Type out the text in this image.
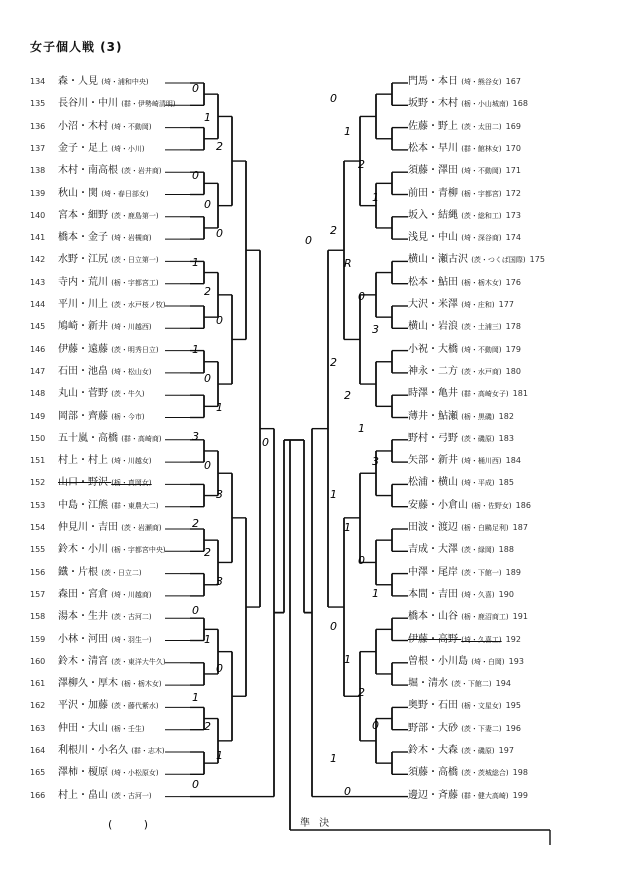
女子個人戦 (3)
134 森・人見 (埼・浦和中央)
135 長谷川・中川 (群・伊勢崎清明)
136 小沼・木村 (埼・不動岡)
137 金子・足上 (埼・小川)
138 木村・南高根 (茨・岩井商)
139 秋山・関 (埼・春日部女)
140 宮本・細野 (茨・鹿島第一)
141 橋本・金子 (埼・岩槻商)
142 水野・江尻 (茨・日立第一)
143 寺内・荒川 (栃・宇都宮工)
144 平川・川上 (茨・水戸桜ノ牧)
145 鳩崎・新井 (埼・川越西)
146 伊藤・遠藤 (茨・明秀日立)
147 石田・池畠 (埼・松山女)
148 丸山・菅野 (茨・牛久)
149 岡部・齊藤 (栃・今市)
150 五十嵐・高橋 (群・高崎商)
151 村上・村上 (埼・川越女)
152 山口・野沢 (栃・真岡女)
153 中島・江熊 (群・東農大二)
154 仲見川・吉田 (茨・岩瀬商)
155 鈴木・小川 (栃・宇都宮中央)
156 鐡・片根 (茨・日立二)
157 森田・宮倉 (埼・川越商)
158 湯本・生井 (茨・古河二)
159 小林・河田 (埼・羽生一)
160 鈴木・清宮 (茨・東洋大牛久)
161 澤柳久・厚木 (栃・栃木女)
162 平沢・加藤 (茨・藤代紫水)
163 仲田・大山 (栃・壬生)
164 利根川・小名久 (群・志木)
165 澤柿・榎原 (埼・小松原女)
166 村上・畠山 (茨・古河一)
門馬・本日 (埼・熊谷女) 167
坂野・木村 (栃・小山城南) 168
佐藤・野上 (茨・太田二) 169
松本・早川 (群・館林女) 170
須藤・澤田 (埼・不動岡) 171
前田・青柳 (栃・宇都宮) 172
坂入・結縄 (茨・総和工) 173
浅見・中山 (埼・深谷商) 174
横山・瀬古沢 (茨・つくば国際) 175
松本・鮎田 (栃・栃木女) 176
大沢・米澤 (埼・庄和) 177
横山・岩浪 (茨・土浦三) 178
小祝・大橋 (埼・不動岡) 179
神永・二方 (茨・水戸商) 180
時澤・亀井 (群・高崎女子) 181
薄井・鮎瀬 (栃・黒磯) 182
野村・弓野 (茨・磯原) 183
矢部・新井 (埼・桶川西) 184
松浦・横山 (埼・平成) 185
安藤・小倉山 (栃・佐野女) 186
田波・渡辺 (栃・白鷗足利) 187
吉成・大澤 (茨・緑岡) 188
中澤・尾岸 (茨・下館一) 189
本間・吉田 (埼・久喜) 190
橋本・山谷 (栃・鹿沼商工) 191
伊藤・高野 (埼・久喜工) 192
曽根・小川島 (埼・白岡) 193
堀・清水 (茨・下館二) 194
奥野・石田 (栃・文星女) 195
野部・大砂 (茨・下妻二) 196
鈴木・大森 (茨・磯原) 197
須藤・高橋 (茨・茨城総合) 198
邊辺・斉藤 (群・健大高崎) 199
0
1
2
0
0
0
1
2
0
1
0
1
3
0
3
2
2
3
0
1
0
1
2
1
0
0
1
2
1
2
R
0
3
2
2
1
3
1
1
0
1
0
1
2
0
1
0
0
0
準 決
( )
